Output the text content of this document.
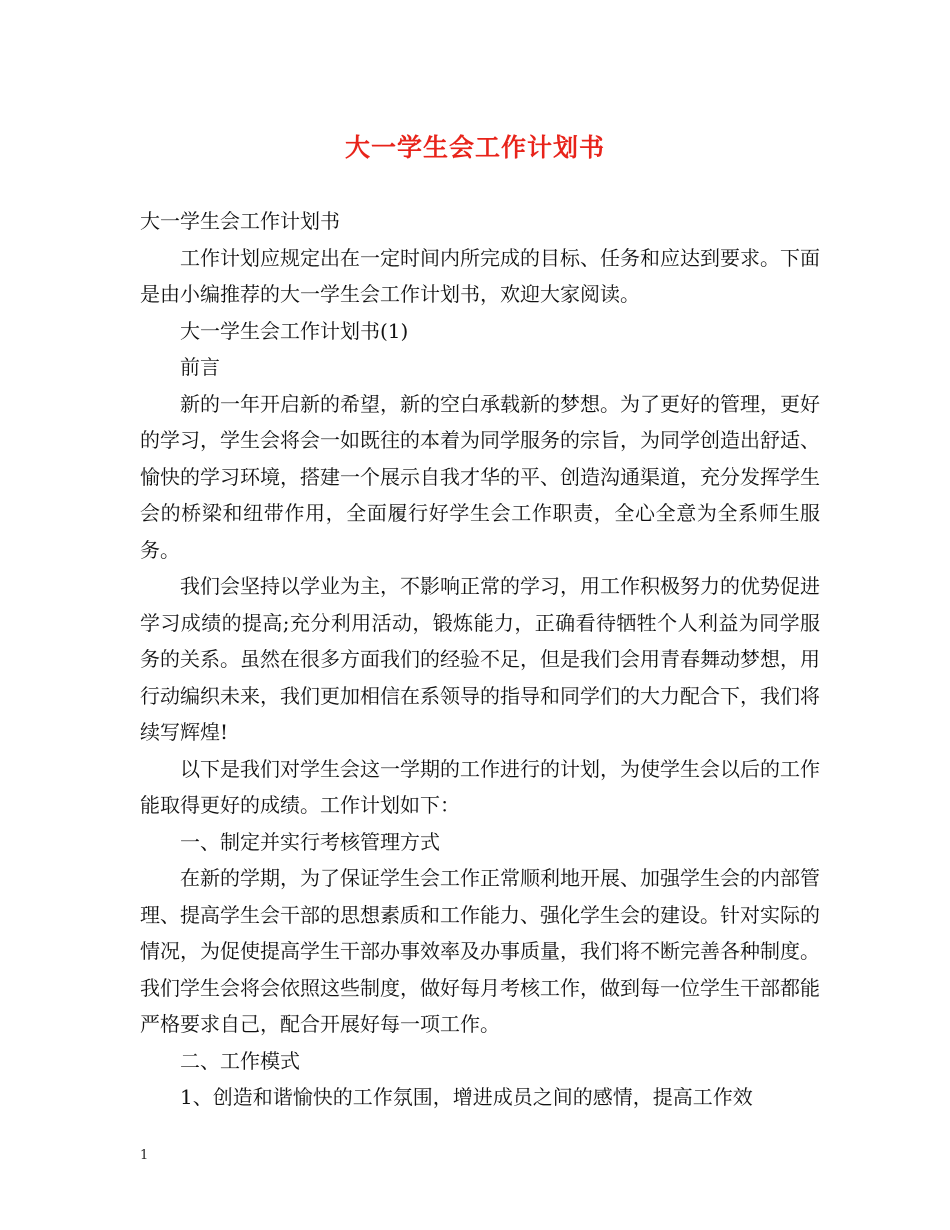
大一学生会工作计划书

大一学生会工作计划书

工作计划应规定出在一定时间内所完成的目标、任务和应达到要求。下面是由小编推荐的大一学生会工作计划书，欢迎大家阅读。

大一学生会工作计划书(1)

前言

新的一年开启新的希望，新的空白承载新的梦想。为了更好的管理，更好的学习，学生会将会一如既往的本着为同学服务的宗旨，为同学创造出舒适、愉快的学习环境，搭建一个展示自我才华的平、创造沟通渠道，充分发挥学生会的桥梁和纽带作用，全面履行好学生会工作职责，全心全意为全系师生服务。

我们会坚持以学业为主，不影响正常的学习，用工作积极努力的优势促进学习成绩的提高;充分利用活动，锻炼能力，正确看待牺牲个人利益为同学服务的关系。虽然在很多方面我们的经验不足，但是我们会用青春舞动梦想，用行动编织未来，我们更加相信在系领导的指导和同学们的大力配合下，我们将续写辉煌!

以下是我们对学生会这一学期的工作进行的计划，为使学生会以后的工作能取得更好的成绩。工作计划如下：

一、制定并实行考核管理方式

在新的学期，为了保证学生会工作正常顺利地开展、加强学生会的内部管理、提高学生会干部的思想素质和工作能力、强化学生会的建设。针对实际的情况，为促使提高学生干部办事效率及办事质量，我们将不断完善各种制度。我们学生会将会依照这些制度，做好每月考核工作，做到每一位学生干部都能严格要求自己，配合开展好每一项工作。

二、工作模式

1、创造和谐愉快的工作氛围，增进成员之间的感情，提高工作效

1
